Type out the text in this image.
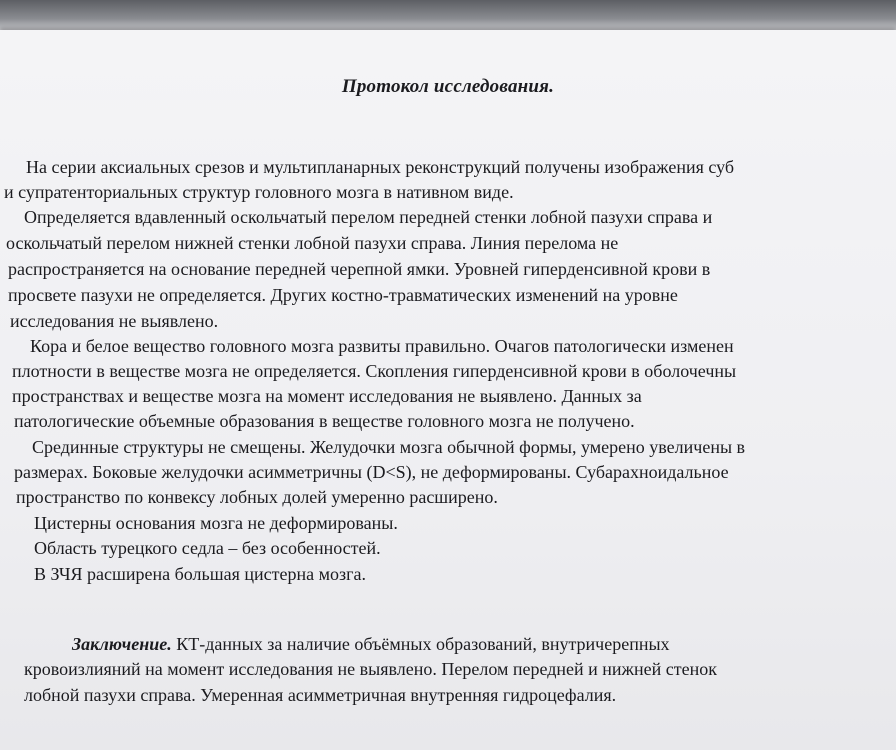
Протокол исследования.
На серии аксиальных срезов и мультипланарных реконструкций получены изображения суб
и супратенториальных структур головного мозга в нативном виде.
Определяется вдавленный оскольчатый перелом передней стенки лобной пазухи справа и
оскольчатый перелом нижней стенки лобной пазухи справа. Линия перелома не
распространяется на основание передней черепной ямки. Уровней гиперденсивной крови в
просвете пазухи не определяется. Других костно-травматических изменений на уровне
исследования не выявлено.
Кора и белое вещество головного мозга развиты правильно. Очагов патологически изменен
плотности в веществе мозга не определяется. Скопления гиперденсивной крови в оболочечны
пространствах и веществе мозга на момент исследования не выявлено. Данных за
патологические объемные образования в веществе головного мозга не получено.
Срединные структуры не смещены. Желудочки мозга обычной формы, умерено увеличены в
размерах. Боковые желудочки асимметричны (D<S), не деформированы. Субарахноидальное
пространство по конвексу лобных долей умеренно расширено.
Цистерны основания мозга не деформированы.
Область турецкого седла – без особенностей.
В ЗЧЯ расширена большая цистерна мозга.
Заключение. КТ-данных за наличие объёмных образований, внутричерепных
кровоизлияний на момент исследования не выявлено. Перелом передней и нижней стенок
лобной пазухи справа. Умеренная асимметричная внутренняя гидроцефалия.
